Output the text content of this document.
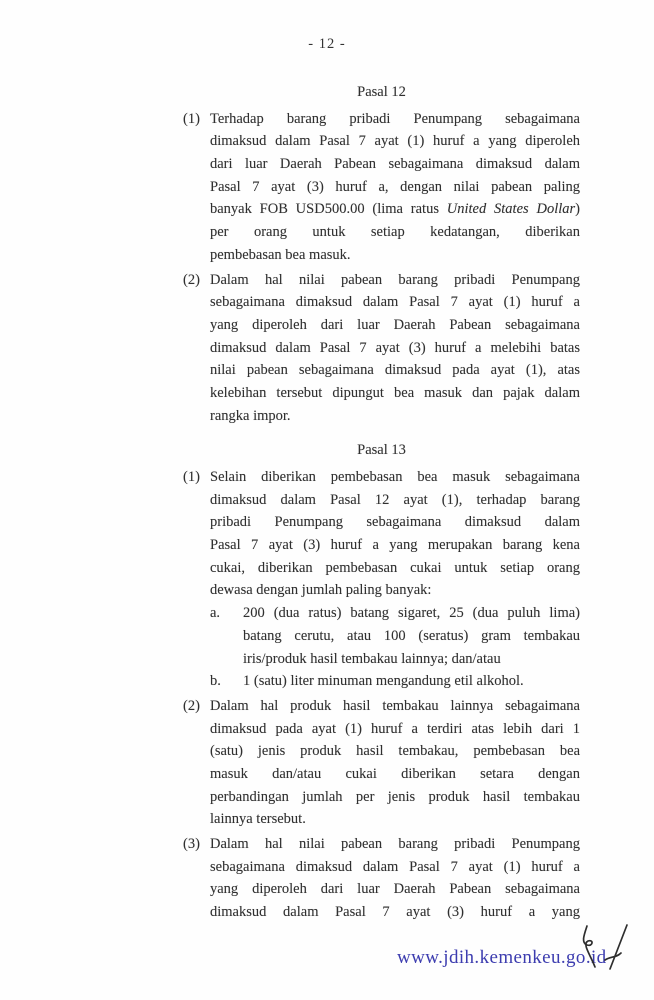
- 12 -
Pasal 12
(1) Terhadap barang pribadi Penumpang sebagaimana
dimaksud dalam Pasal 7 ayat (1) huruf a yang diperoleh
dari luar Daerah Pabean sebagaimana dimaksud dalam
Pasal 7 ayat (3) huruf a, dengan nilai pabean paling
banyak FOB USD500.00 (lima ratus United States Dollar)
per orang untuk setiap kedatangan, diberikan
pembebasan bea masuk.
(2) Dalam hal nilai pabean barang pribadi Penumpang
sebagaimana dimaksud dalam Pasal 7 ayat (1) huruf a
yang diperoleh dari luar Daerah Pabean sebagaimana
dimaksud dalam Pasal 7 ayat (3) huruf a melebihi batas
nilai pabean sebagaimana dimaksud pada ayat (1), atas
kelebihan tersebut dipungut bea masuk dan pajak dalam
rangka impor.
Pasal 13
(1) Selain diberikan pembebasan bea masuk sebagaimana
dimaksud dalam Pasal 12 ayat (1), terhadap barang
pribadi Penumpang sebagaimana dimaksud dalam
Pasal 7 ayat (3) huruf a yang merupakan barang kena
cukai, diberikan pembebasan cukai untuk setiap orang
dewasa dengan jumlah paling banyak:
a.	200 (dua ratus) batang sigaret, 25 (dua puluh lima)
batang cerutu, atau 100 (seratus) gram tembakau
iris/produk hasil tembakau lainnya; dan/atau
b.	1 (satu) liter minuman mengandung etil alkohol.
(2) Dalam hal produk hasil tembakau lainnya sebagaimana
dimaksud pada ayat (1) huruf a terdiri atas lebih dari 1
(satu) jenis produk hasil tembakau, pembebasan bea
masuk dan/atau cukai diberikan setara dengan
perbandingan jumlah per jenis produk hasil tembakau
lainnya tersebut.
(3) Dalam hal nilai pabean barang pribadi Penumpang
sebagaimana dimaksud dalam Pasal 7 ayat (1) huruf a
yang diperoleh dari luar Daerah Pabean sebagaimana
dimaksud dalam Pasal 7 ayat (3) huruf a yang
www.jdih.kemenkeu.go.id
